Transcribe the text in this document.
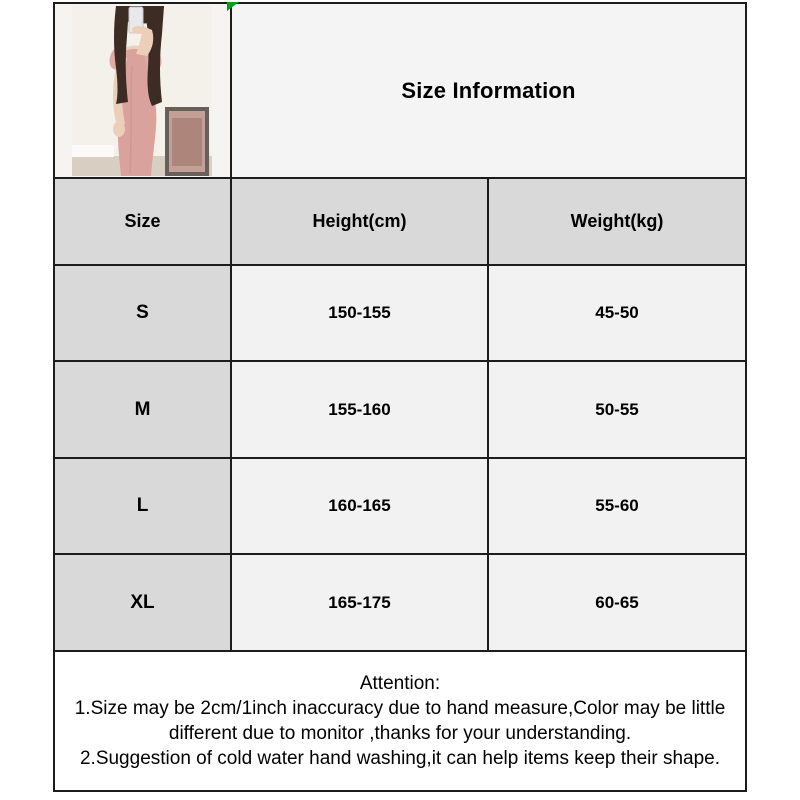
	Size Information	
Size	Height(cm)	Weight(kg)
S	150-155	45-50
M	155-160	50-55
L	160-165	55-60
XL	165-175	60-65

Attention:

1.Size may be 2cm/1inch inaccuracy due to hand measure,Color may be little different due to monitor ,thanks for your understanding.

2.Suggestion of cold water hand washing,it can help items keep their shape.		
